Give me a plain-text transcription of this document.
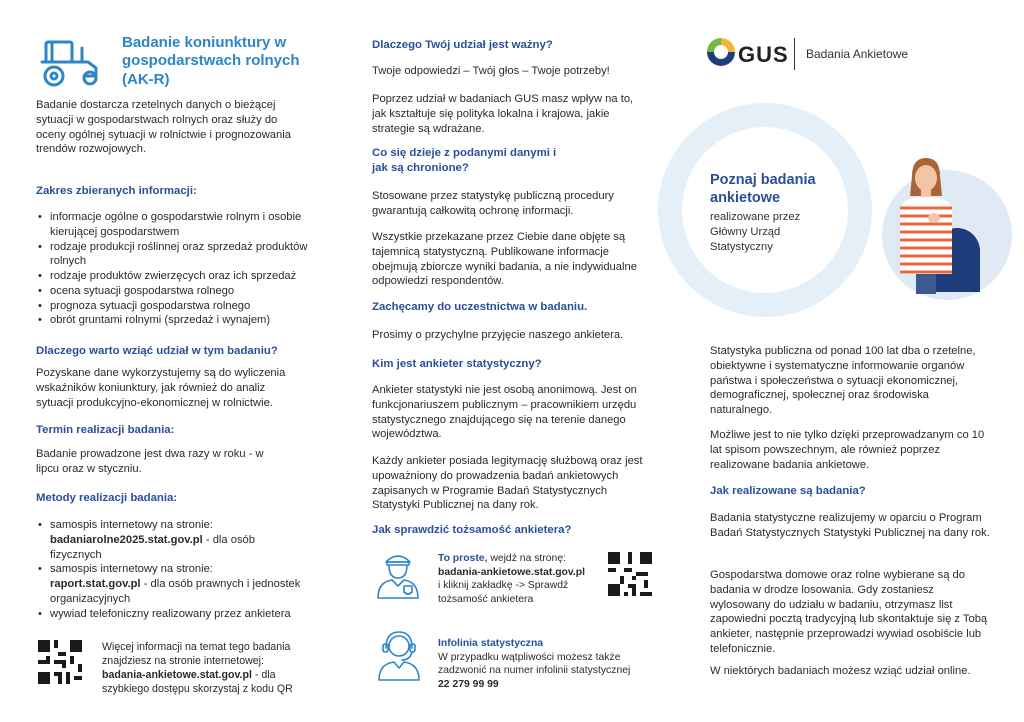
Badanie koniunktury w gospodarstwach rolnych (AK-R)

Badanie dostarcza rzetelnych danych o bieżącej sytuacji w gospodarstwach rolnych oraz służy do oceny ogólnej sytuacji w rolnictwie i prognozowania trendów rozwojowych.

Zakres zbieranych informacji:
• informacje ogólne o gospodarstwie rolnym i osobie kierującej gospodarstwem
• rodzaje produkcji roślinnej oraz sprzedaż produktów rolnych
• rodzaje produktów zwierzęcych oraz ich sprzedaż
• ocena sytuacji gospodarstwa rolnego
• prognoza sytuacji gospodarstwa rolnego
• obrót gruntami rolnymi (sprzedaż i wynajem)
Dlaczego warto wziąć udział w tym badaniu?

Pozyskane dane wykorzystujemy są do wyliczenia wskaźników koniunktury, jak również do analiz sytuacji produkcyjno-ekonomicznej w rolnictwie.

Termin realizacji badania:

Badanie prowadzone jest dwa razy w roku - w lipcu oraz w styczniu.

Metody realizacji badania:
• samospis internetowy na stronie:
badaniarolne2025.stat.gov.pl - dla osób fizycznych
• samospis internetowy na stronie:
raport.stat.gov.pl - dla osób prawnych i jednostek organizacyjnych
• wywiad telefoniczny realizowany przez ankietera

Więcej informacji na temat tego badania znajdziesz na stronie internetowej: badania-ankietowe.stat.gov.pl - dla szybkiego dostępu skorzystaj z kodu QR

Dlaczego Twój udział jest ważny?

Twoje odpowiedzi – Twój głos – Twoje potrzeby!

Poprzez udział w badaniach GUS masz wpływ na to, jak kształtuje się polityka lokalna i krajowa, jakie strategie są wdrażane.

Co się dzieje z podanymi danymi i jak są chronione?

Stosowane przez statystykę publiczną procedury gwarantują całkowitą ochronę informacji.

Wszystkie przekazane przez Ciebie dane objęte są tajemnicą statystyczną. Publikowane informacje obejmują zbiorcze wyniki badania, a nie indywidualne odpowiedzi respondentów.

Zachęcamy do uczestnictwa w badaniu.

Prosimy o przychylne przyjęcie naszego ankietera.

Kim jest ankieter statystyczny?

Ankieter statystyki nie jest osobą anonimową. Jest on funkcjonariuszem publicznym – pracownikiem urzędu statystycznego znajdującego się na terenie danego województwa.

Każdy ankieter posiada legitymację służbową oraz jest upoważniony do prowadzenia badań ankietowych zapisanych w Programie Badań Statystycznych Statystyki Publicznej na dany rok.

Jak sprawdzić tożsamość ankietera?

To proste, wejdź na stronę:
badania-ankietowe.stat.gov.pl
i kliknij zakładkę -> Sprawdź tożsamość ankietera

Infolinia statystyczna
W przypadku wątpliwości możesz także zadzwonić na numer infolinii statystycznej 22 279 99 99

GUS Badania Ankietowe
Poznaj badania ankietowe
realizowane przez Główny Urząd Statystyczny

Statystyka publiczna od ponad 100 lat dba o rzetelne, obiektywne i systematyczne informowanie organów państwa i społeczeństwa o sytuacji ekonomicznej, demograficznej, społecznej oraz środowiska naturalnego.

Możliwe jest to nie tylko dzięki przeprowadzanym co 10 lat spisom powszechnym, ale również poprzez realizowane badania ankietowe.

Jak realizowane są badania?

Badania statystyczne realizujemy w oparciu o Program Badań Statystycznych Statystyki Publicznej na dany rok.

Gospodarstwa domowe oraz rolne wybierane są do badania w drodze losowania. Gdy zostaniesz wylosowany do udziału w badaniu, otrzymasz list zapowiedni pocztą tradycyjną lub skontaktuje się z Tobą ankieter, następnie przeprowadzi wywiad osobiście lub telefonicznie.

W niektórych badaniach możesz wziąć udział online.
